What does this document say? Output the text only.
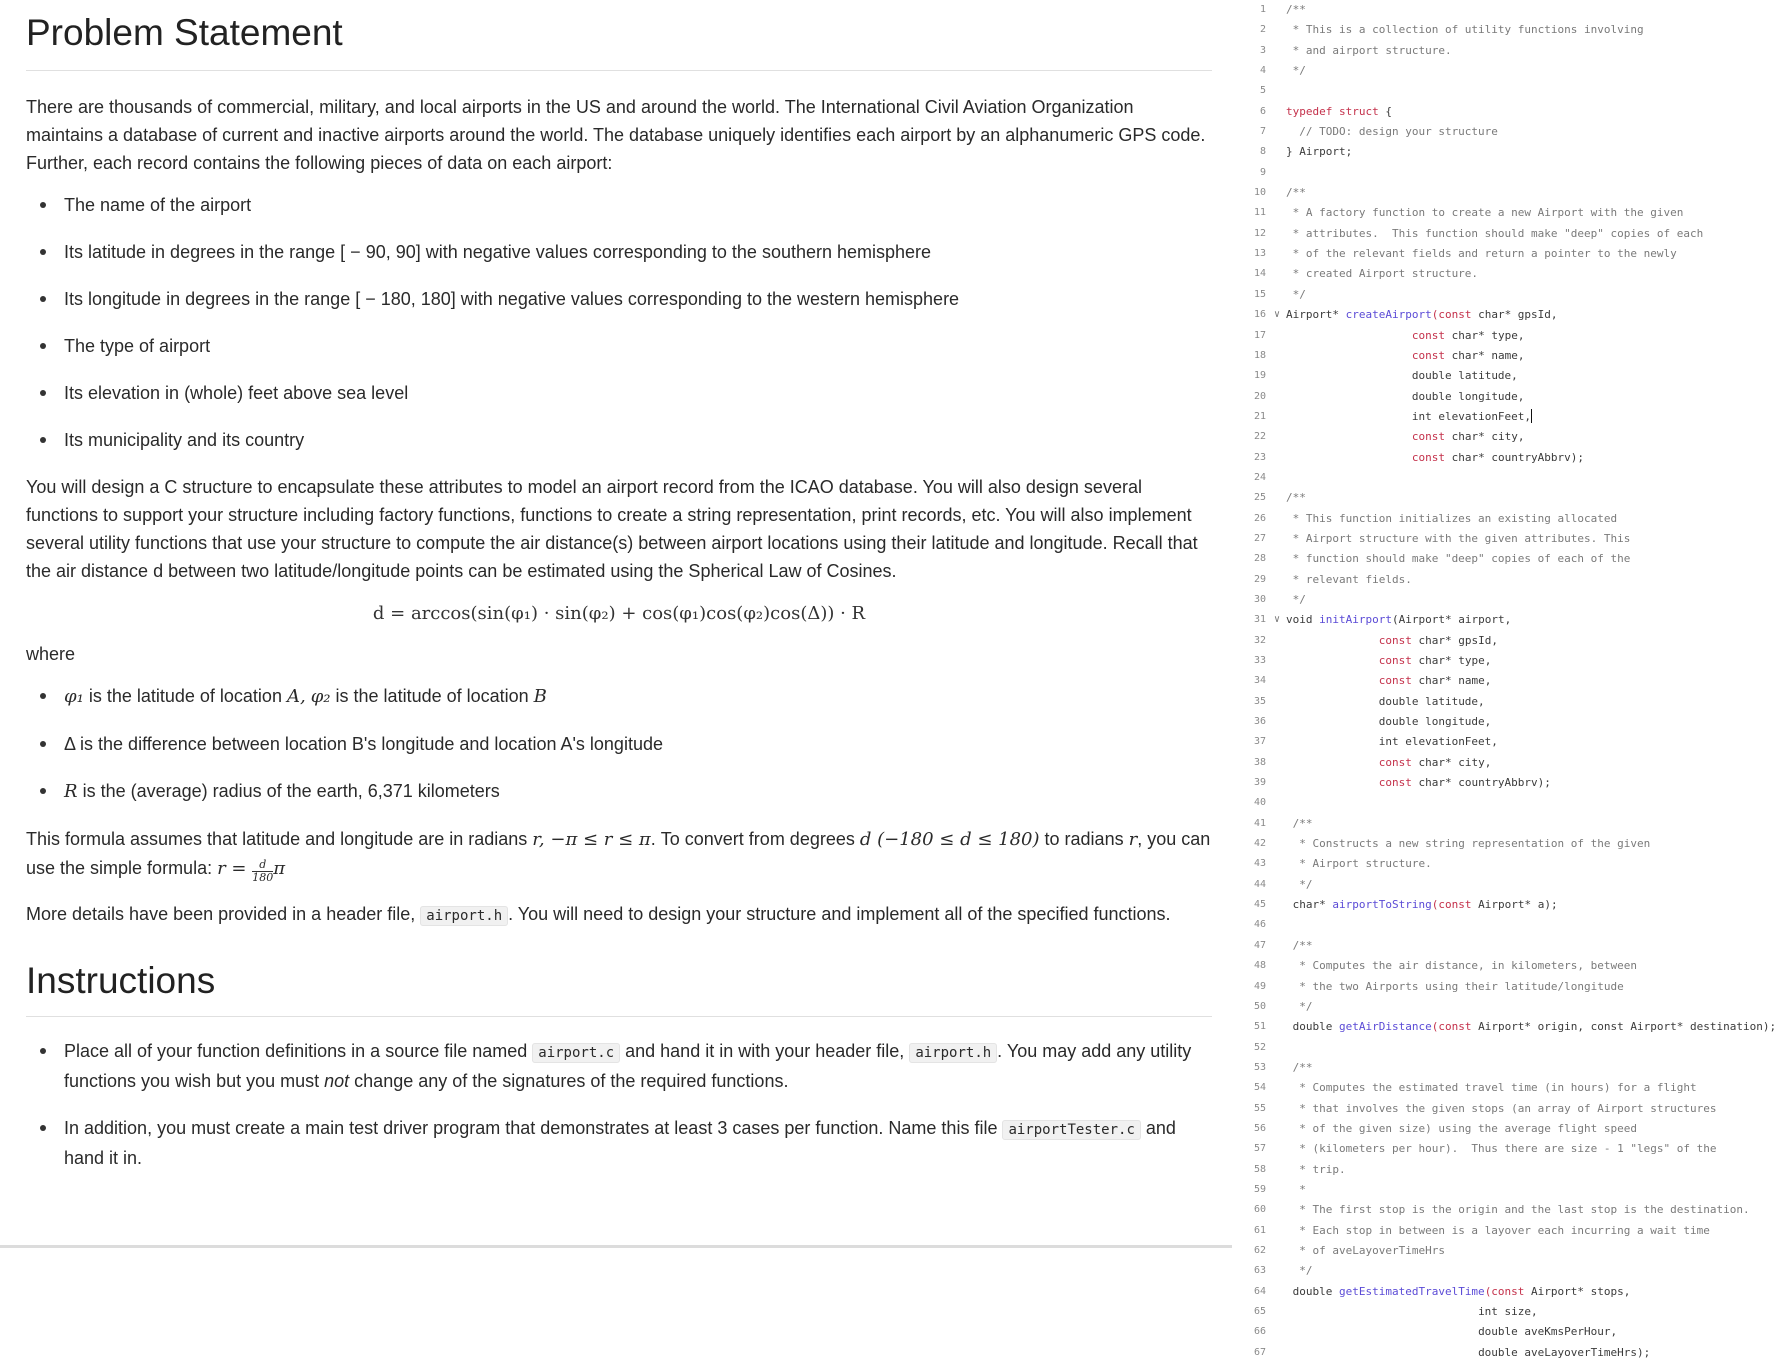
Problem Statement

There are thousands of commercial, military, and local airports in the US and around the world. The International Civil Aviation Organization maintains a database of current and inactive airports around the world. The database uniquely identifies each airport by an alphanumeric GPS code. Further, each record contains the following pieces of data on each airport:

The name of the airport
Its latitude in degrees in the range [ − 90, 90] with negative values corresponding to the southern hemisphere
Its longitude in degrees in the range [ − 180, 180] with negative values corresponding to the western hemisphere
The type of airport
Its elevation in (whole) feet above sea level
Its municipality and its country

You will design a C structure to encapsulate these attributes to model an airport record from the ICAO database. You will also design several functions to support your structure including factory functions, functions to create a string representation, print records, etc. You will also implement several utility functions that use your structure to compute the air distance(s) between airport locations using their latitude and longitude. Recall that the air distance d between two latitude/longitude points can be estimated using the Spherical Law of Cosines.

d = arccos(sin(φ₁) · sin(φ₂) + cos(φ₁)cos(φ₂)cos(Δ)) · R

where

φ₁ is the latitude of location A, φ₂ is the latitude of location B
Δ is the difference between location B's longitude and location A's longitude
R is the (average) radius of the earth, 6,371 kilometers

This formula assumes that latitude and longitude are in radians r, −π ≤ r ≤ π. To convert from degrees d (−180 ≤ d ≤ 180) to radians r, you can use the simple formula: $r = \frac{d}{180}$ π

More details have been provided in a header file, airport.h . You will need to design your structure and implement all of the specified functions.

Instructions
Place all of your function definitions in a source file named airport.c and hand it in with your header file, airport.h . You may add any utility functions you wish but you must not change any of the signatures of the required functions.
In addition, you must create a main test driver program that demonstrates at least 3 cases per function. Name this file airportTester.c and hand it in.
1 /**
2 * This is a collection of utility functions involving
3 * and airport structure.
4 */
5
6 typedef struct {
7 // TODO: design your structure
8 } Airport;
9
10 /**
11 * A factory function to create a new Airport with the given
12 * attributes.  This function should make "deep" copies of each
13 * of the relevant fields and return a pointer to the newly
14 * created Airport structure.
15 */
16 ∨ Airport* createAirport(const char* gpsId,
17	const char* type,
18	const char* name,
19	double latitude,
20	double longitude,
21	int elevationFeet,
22	const char* city,
23	const char* countryAbbrv);
24
25 /**
26 * This function initializes an existing allocated
27 * Airport structure with the given attributes. This
28 * function should make "deep" copies of each of the
29 * relevant fields.
30 */
31 ∨ void initAirport(Airport* airport,
32	const char* gpsId,
33	const char* type,
34	const char* name,
35	double latitude,
36	double longitude,
37	int elevationFeet,
38	const char* city,
39	const char* countryAbbrv);
40
41	/**
42	* Constructs a new string representation of the given
43	* Airport structure.
44	*/
45	char* airportToString(const Airport* a);
46
47	/**
48	* Computes the air distance, in kilometers, between
49	* the two Airports using their latitude/longitude
50	*/
51	double getAirDistance(const Airport* origin, const Airport* destination);
52
53	/**
54	* Computes the estimated travel time (in hours) for a flight
55	* that involves the given stops (an array of Airport structures
56	* of the given size) using the average flight speed
57	* (kilometers per hour).  Thus there are size - 1 "legs" of the
58	* trip.
59	*
60	* The first stop is the origin and the last stop is the destination.
61	* Each stop in between is a layover each incurring a wait time
62	* of aveLayoverTimeHrs
63	*/
64	double getEstimatedTravelTime(const Airport* stops,
65	int size,
66	double aveKmsPerHour,
67	double aveLayoverTimeHrs);
